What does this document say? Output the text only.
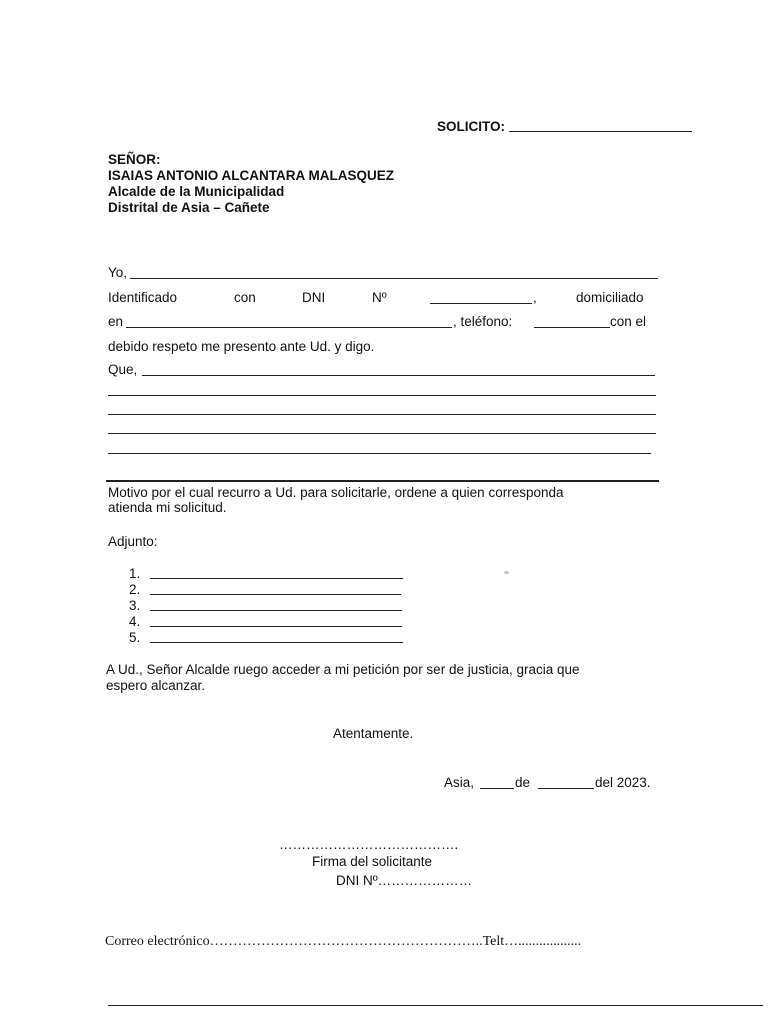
SOLICITO:
SEÑOR:
ISAIAS ANTONIO ALCANTARA MALASQUEZ
Alcalde de la Municipalidad
Distrital de Asia – Cañete
Yo,
Identificado	con	DNI	Nº	,	domiciliado
en	, teléfono:	con el
debido respeto me presento ante Ud. y digo.
Que,
Motivo por el cual recurro a Ud. para solicitarle, ordene a quien corresponda
atienda mi solicitud.
Adjunto:
1.
2.
3.
4.
5.
A Ud., Señor Alcalde ruego acceder a mi petición por ser de justicia, gracia que
espero alcanzar.
Atentamente.
Asia,	de	del 2023.
………………………………….
Firma del solicitante
DNI Nº…………………
Correo electrónico…………………………………………………..Telt…..................
